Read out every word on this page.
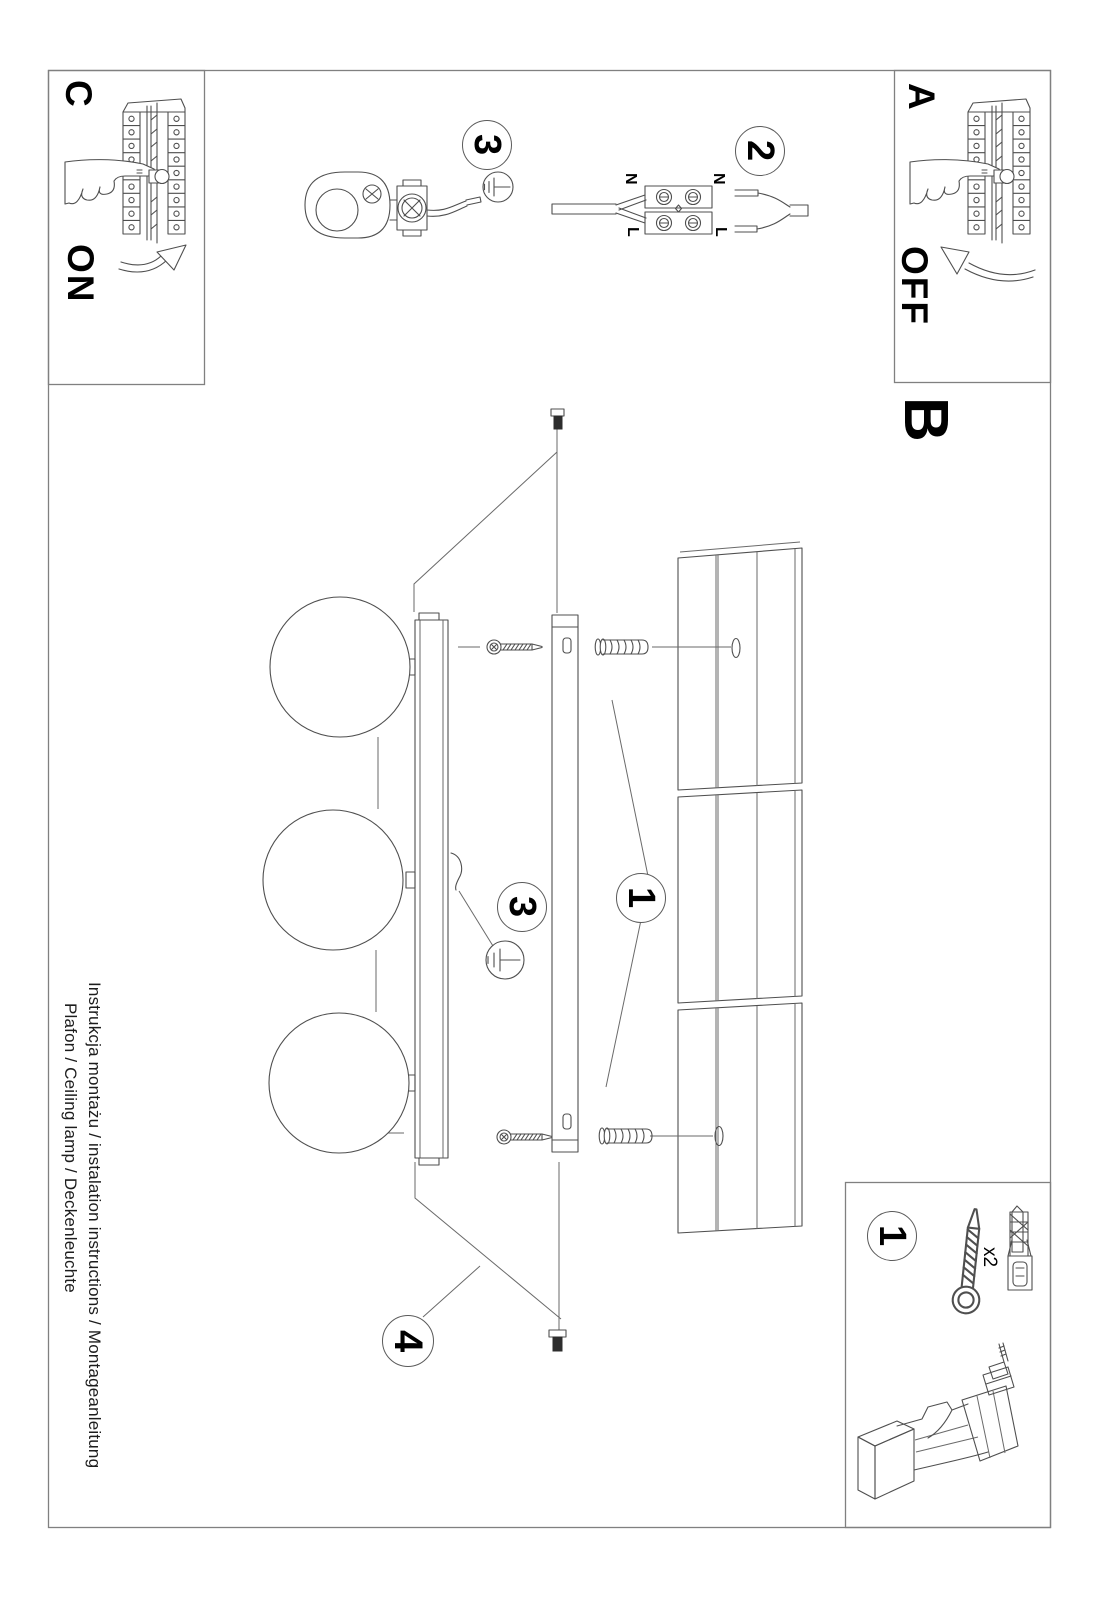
C
ON
A
OFF
B
N	N
L	L
x2
Instrukcja montażu / instalation instructions / Montageanleitung
Plafon / Ceiling lamp / Deckenleuchte
3	2
1
3
4
1
